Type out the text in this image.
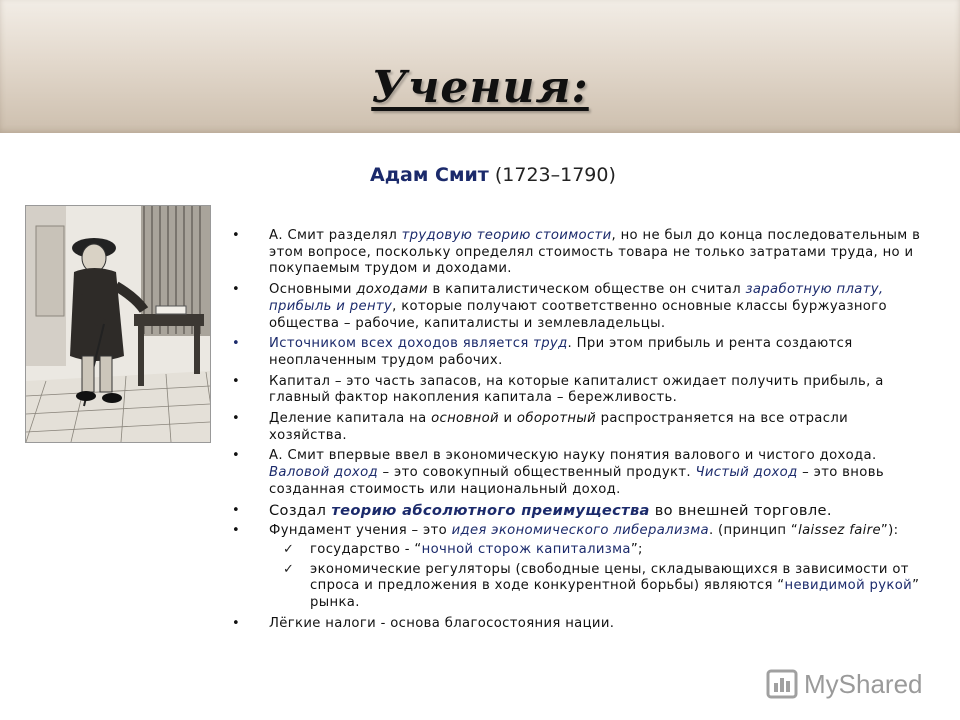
Учения:
Адам Смит (1723–1790)
• А. Смит разделял трудовую теорию стоимости, но не был до конца последовательным в этом вопросе, поскольку определял стоимость товара не только затратами труда, но и покупаемым трудом и доходами.
• Основными доходами в капиталистическом обществе он считал заработную плату, прибыль и ренту, которые получают соответственно основные классы буржуазного общества – рабочие, капиталисты и землевладельцы.
• Источником всех доходов является труд. При этом прибыль и рента создаются неоплаченным трудом рабочих.
• Капитал – это часть запасов, на которые капиталист ожидает получить прибыль, а главный фактор накопления капитала – бережливость.
• Деление капитала на основной и оборотный распространяется на все отрасли хозяйства.
• А. Смит впервые ввел в экономическую науку понятия валового и чистого дохода. Валовой доход – это совокупный общественный продукт. Чистый доход – это вновь созданная стоимость или национальный доход.
• Создал теорию абсолютного преимущества во внешней торговле.
• Фундамент учения – это идея экономического либерализма. (принцип “laissez faire”):
✓ государство - “ночной сторож капитализма”;
✓ экономические регуляторы (свободные цены, складывающихся в зависимости от спроса и предложения в ходе конкурентной борьбы) являются “невидимой рукой” рынка.
• Лёгкие налоги - основа благосостояния нации.
MyShared
